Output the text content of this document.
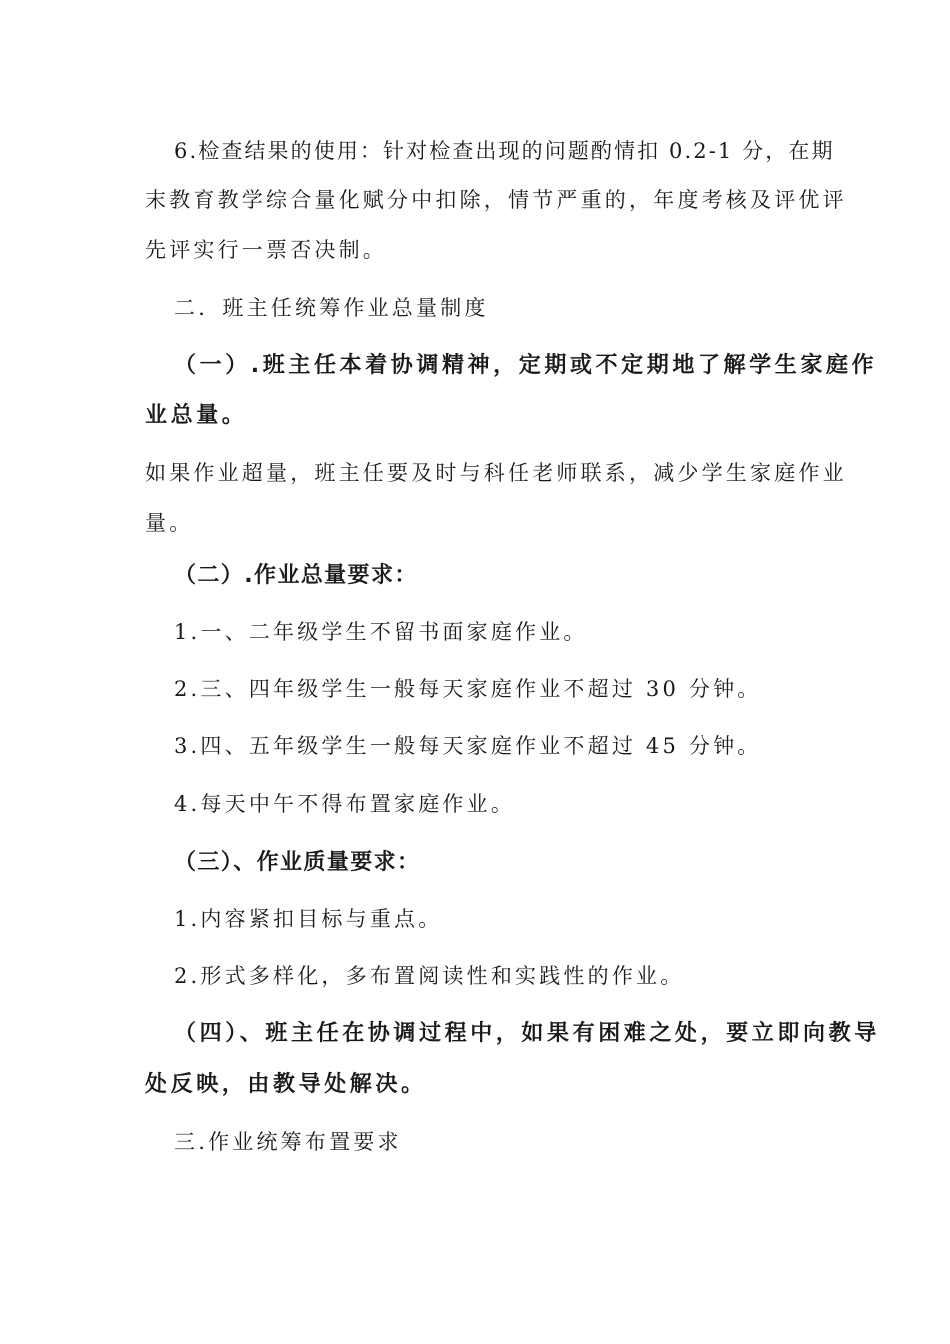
6.检查结果的使用：针对检查出现的问题酌情扣 0.2-1 分，在期
末教育教学综合量化赋分中扣除，情节严重的，年度考核及评优评
先评实行一票否决制。
二．班主任统筹作业总量制度
（一）.班主任本着协调精神，定期或不定期地了解学生家庭作
业总量。
如果作业超量，班主任要及时与科任老师联系，减少学生家庭作业
量。
（二）.作业总量要求：
1.一、二年级学生不留书面家庭作业。
2.三、四年级学生一般每天家庭作业不超过 30 分钟。
3.四、五年级学生一般每天家庭作业不超过 45 分钟。
4.每天中午不得布置家庭作业。
（三）、作业质量要求：
1.内容紧扣目标与重点。
2.形式多样化，多布置阅读性和实践性的作业。
（四）、班主任在协调过程中，如果有困难之处，要立即向教导
处反映，由教导处解决。
三.作业统筹布置要求
